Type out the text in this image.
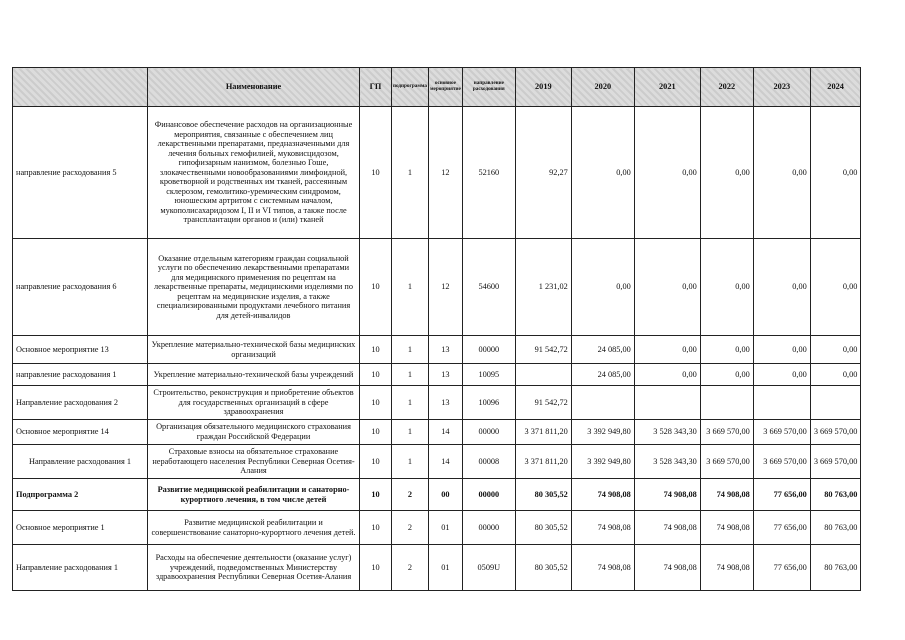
	Наименование	ГП	подпрограмма	основное мероприятие	направление расходования	2019	2020	2021	2022	2023	2024
направление расходования 5	Финансовое обеспечение расходов на организационные мероприятия, связанные с обеспечением лиц лекарственными препаратами, предназначенными для лечения больных гемофилией, муковисцидозом, гипофизарным нанизмом, болезнью Гоше, злокачественными новообразованиями лимфоидной, кроветворной и родственных им тканей, рассеянным склерозом, гемолитико-уремическим синдромом, юношеским артритом с системным началом, мукополисахаридозом I, II и VI типов, а также после трансплантации органов и (или) тканей	10	1	12	52160	92,27	0,00	0,00	0,00	0,00	0,00
направление расходования 6	Оказание отдельным категориям граждан социальной услуги по обеспечению лекарственными препаратами для медицинского применения по рецептам на лекарственные препараты, медицинскими изделиями по рецептам на медицинские изделия, а также специализированными продуктами лечебного питания для детей-инвалидов	10	1	12	54600	1 231,02	0,00	0,00	0,00	0,00	0,00
Основное мероприятие 13	Укрепление материально-технической базы медицинских организаций	10	1	13	00000	91 542,72	24 085,00	0,00	0,00	0,00	0,00
направление расходования 1	Укрепление материально-технической базы учреждений	10	1	13	10095		24 085,00	0,00	0,00	0,00	0,00
Направление расходования 2	Строительство, реконструкция и приобретение объектов для государственных организаций в сфере здравоохранения	10	1	13	10096	91 542,72					
Основное мероприятие 14	Организация обязательного медицинского страхования граждан Российской Федерации	10	1	14	00000	3 371 811,20	3 392 949,80	3 528 343,30	3 669 570,00	3 669 570,00	3 669 570,00
Направление расходования 1	Страховые взносы на обязательное страхование неработающего населения Республики Северная Осетия-Алания	10	1	14	00008	3 371 811,20	3 392 949,80	3 528 343,30	3 669 570,00	3 669 570,00	3 669 570,00
Подпрограмма 2	Развитие медицинской реабилитации и санаторно-курортного лечения, в том числе детей	10	2	00	00000	80 305,52	74 908,08	74 908,08	74 908,08	77 656,00	80 763,00
Основное мероприятие 1	Развитие медицинской реабилитации и совершенствование санаторно-курортного лечения детей.	10	2	01	00000	80 305,52	74 908,08	74 908,08	74 908,08	77 656,00	80 763,00
Направление расходования 1	Расходы на обеспечение деятельности (оказание услуг) учреждений, подведомственных Министерству здравоохранения Республики Северная Осетия-Алания	10	2	01	0509U	80 305,52	74 908,08	74 908,08	74 908,08	77 656,00	80 763,00
